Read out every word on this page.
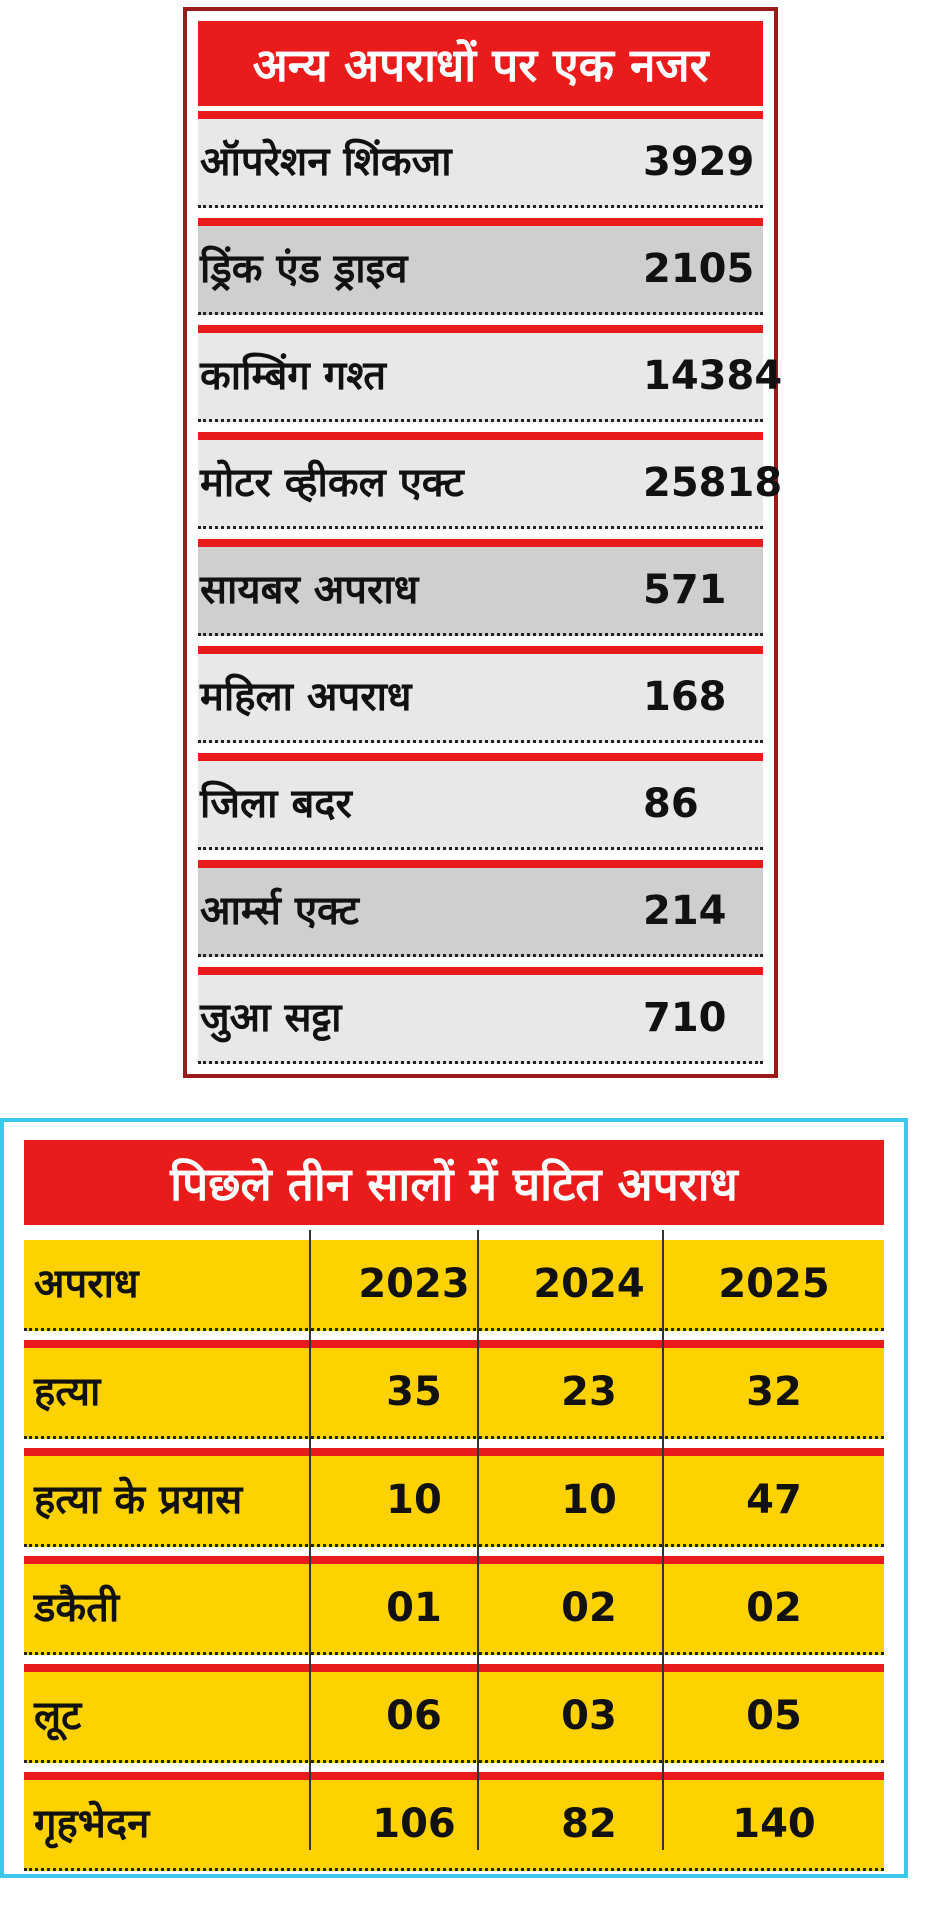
अन्य अपराधों पर एक नजर
ऑपरेशन शिंकजा	3929
ड्रिंक एंड ड्राइव	2105
काम्बिंग गश्त	14384
मोटर व्हीकल एक्ट	25818
सायबर अपराध	571
महिला अपराध	168
जिला बदर	86
आर्म्स एक्ट	214
जुआ सट्टा	710
पिछले तीन सालों में घटित अपराध
अपराध	2023	2024	2025
हत्या	35	23	32
हत्या के प्रयास	10	10	47
डकैती	01	02	02
लूट	06	03	05
गृहभेदन	106	82	140
